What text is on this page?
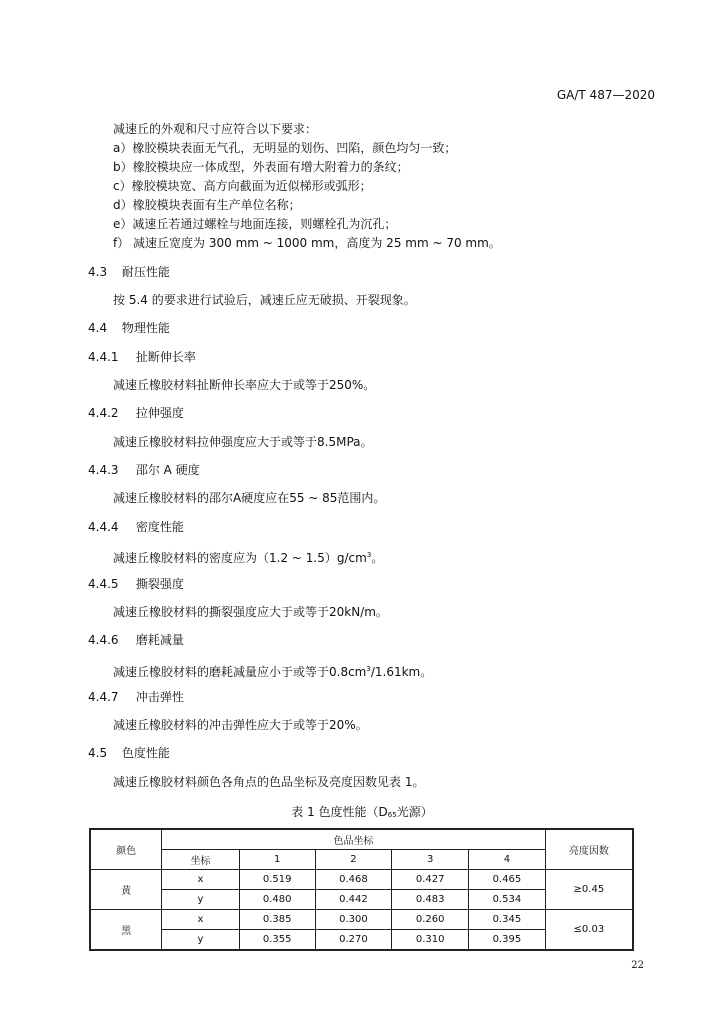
GA/T 487—2020
减速丘的外观和尺寸应符合以下要求：
a）橡胶模块表面无气孔，无明显的划伤、凹陷，颜色均匀一致；
b）橡胶模块应一体成型，外表面有增大附着力的条纹；
c）橡胶模块宽、高方向截面为近似梯形或弧形；
d）橡胶模块表面有生产单位名称；
e）减速丘若通过螺栓与地面连接，则螺栓孔为沉孔；
f） 减速丘宽度为 300 mm ~ 1000 mm，高度为 25 mm ~ 70 mm。
4.3 耐压性能
按 5.4 的要求进行试验后，减速丘应无破损、开裂现象。
4.4 物理性能
4.4.1 扯断伸长率
减速丘橡胶材料扯断伸长率应大于或等于250%。
4.4.2 拉伸强度
减速丘橡胶材料拉伸强度应大于或等于8.5MPa。
4.4.3 邵尔 A 硬度
减速丘橡胶材料的邵尔A硬度应在55 ~ 85范围内。
4.4.4 密度性能
减速丘橡胶材料的密度应为（1.2 ~ $1.5)g/cm^3$。
4.4.5 撕裂强度
减速丘橡胶材料的撕裂强度应大于或等于20kN/m。
4.4.6 磨耗减量
减速丘橡胶材料的磨耗减量应小于或等于$0.8cm^3/1.61km$。
4.4.7 冲击弹性
减速丘橡胶材料的冲击弹性应大于或等于20%。
4.5 色度性能
减速丘橡胶材料颜色各角点的色品坐标及亮度因数见表 1。
表 1 色度性能（$D_{65}$光源）
颜色	色品坐标					亮度因数
	坐标	1	2	3	4	
黄	x	0.519	0.468	0.427	0.465	≥0.45
	y	0.480	0.442	0.483	0.534	
黑	x	0.385	0.300	0.260	0.345	≤0.03
	y	0.355	0.270	0.310	0.395	
22
